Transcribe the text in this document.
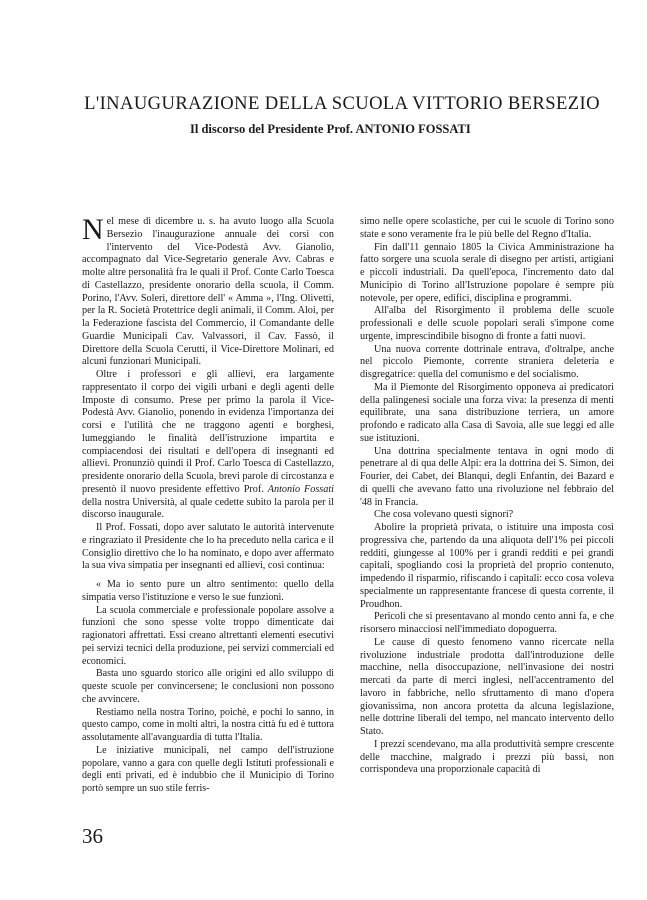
L'INAUGURAZIONE DELLA SCUOLA VITTORIO BERSEZIO
Il discorso del Presidente Prof. ANTONIO FOSSATI

Nel mese di dicembre u. s. ha avuto luogo alla Scuola Bersezio l'inaugurazione annuale dei corsi con l'intervento del Vice-Podestà Avv. Gianolio, accompagnato dal Vice-Segretario generale Avv. Cabras e molte altre personalità fra le quali il Prof. Conte Carlo Toesca di Castellazzo, presidente onorario della scuola, il Comm. Porino, l'Avv. Soleri, direttore dell' « Amma », l'Ing. Olivetti, per la R. Società Protettrice degli animali, il Comm. Aloi, per la Federazione fascista del Commercio, il Comandante delle Guardie Municipali Cav. Valvassori, il Cav. Fassò, il Direttore della Scuola Cerutti, il Vice-Direttore Molinari, ed alcuni funzionari Municipali.

Oltre i professori e gli allievi, era largamente rappresentato il corpo dei vigili urbani e degli agenti delle Imposte di consumo. Prese per primo la parola il Vice-Podestà Avv. Gianolio, ponendo in evidenza l'importanza dei corsi e l'utilità che ne traggono agenti e borghesi, lumeggiando le finalità dell'istruzione impartita e compiacendosi dei risultati e dell'opera di insegnanti ed allievi. Pronunziò quindi il Prof. Carlo Toesca di Castellazzo, presidente onorario della Scuola, brevi parole di circostanza e presentò il nuovo presidente effettivo Prof. Antonio Fossati della nostra Università, al quale cedette subito la parola per il discorso inaugurale.

Il Prof. Fossati, dopo aver salutato le autorità intervenute e ringraziato il Presidente che lo ha preceduto nella carica e il Consiglio direttivo che lo ha nominato, e dopo aver affermato la sua viva simpatia per insegnanti ed allievi, così continua:

« Ma io sento pure un altro sentimento: quello della simpatia verso l'istituzione e verso le sue funzioni.

La scuola commerciale e professionale popolare assolve a funzioni che sono spesse volte troppo dimenticate dai ragionatori affrettati. Essi creano altrettanti elementi esecutivi pei servizi tecnici della produzione, pei servizi commerciali ed economici.

Basta uno sguardo storico alle origini ed allo sviluppo di queste scuole per convincersene; le conclusioni non possono che avvincere.

Restiamo nella nostra Torino, poichè, e pochi lo sanno, in questo campo, come in molti altri, la nostra città fu ed è tuttora assolutamente all'avanguardia di tutta l'Italia.

Le iniziative municipali, nel campo dell'istruzione popolare, vanno a gara con quelle degli Istituti professionali e degli enti privati, ed è indubbio che il Municipio di Torino portò sempre un suo stile ferris-

simo nelle opere scolastiche, per cui le scuole di Torino sono state e sono veramente fra le più belle del Regno d'Italia.

Fin dall'11 gennaio 1805 la Civica Amministrazione ha fatto sorgere una scuola serale di disegno per artisti, artigiani e piccoli industriali. Da quell'epoca, l'incremento dato dal Municipio di Torino all'Istruzione popolare è sempre più notevole, per opere, edifici, disciplina e programmi.

All'alba del Risorgimento il problema delle scuole professionali e delle scuole popolari serali s'impone come urgente, imprescindibile bisogno di fronte a fatti nuovi.

Una nuova corrente dottrinale entrava, d'oltralpe, anche nel piccolo Piemonte, corrente straniera deleteria e disgregatrice: quella del comunismo e del socialismo.

Ma il Piemonte del Risorgimento opponeva ai predicatori della palingenesi sociale una forza viva: la presenza di menti equilibrate, una sana distribuzione terriera, un amore profondo e radicato alla Casa di Savoia, alle sue leggi ed alle sue istituzioni.

Una dottrina specialmente tentava in ogni modo di penetrare al di qua delle Alpi: era la dottrina dei S. Simon, dei Fourier, dei Cabet, dei Blanqui, degli Enfantin, dei Bazard e di quelli che avevano fatto una rivoluzione nel febbraio del '48 in Francia.

Che cosa volevano questi signori?

Abolire la proprietà privata, o istituire una imposta così progressiva che, partendo da una aliquota dell'1% pei piccoli redditi, giungesse al 100% per i grandi redditi e pei grandi capitali, spogliando così la proprietà del proprio contenuto, impedendo il risparmio, rifiscando i capitali: ecco cosa voleva specialmente un rappresentante francese di questa corrente, il Proudhon.

Pericoli che si presentavano al mondo cento anni fa, e che risorsero minacciosi nell'immediato dopoguerra.

Le cause di questo fenomeno vanno ricercate nella rivoluzione industriale prodotta dall'introduzione delle macchine, nella disoccupazione, nell'invasione dei nostri mercati da parte di merci inglesi, nell'accentramento del lavoro in fabbriche, nello sfruttamento di mano d'opera giovanissima, non ancora protetta da alcuna legislazione, nelle dottrine liberali del tempo, nel mancato intervento dello Stato.

I prezzi scendevano, ma alla produttività sempre crescente delle macchine, malgrado i prezzi più bassi, non corrispondeva una proporzionale capacità di

36
